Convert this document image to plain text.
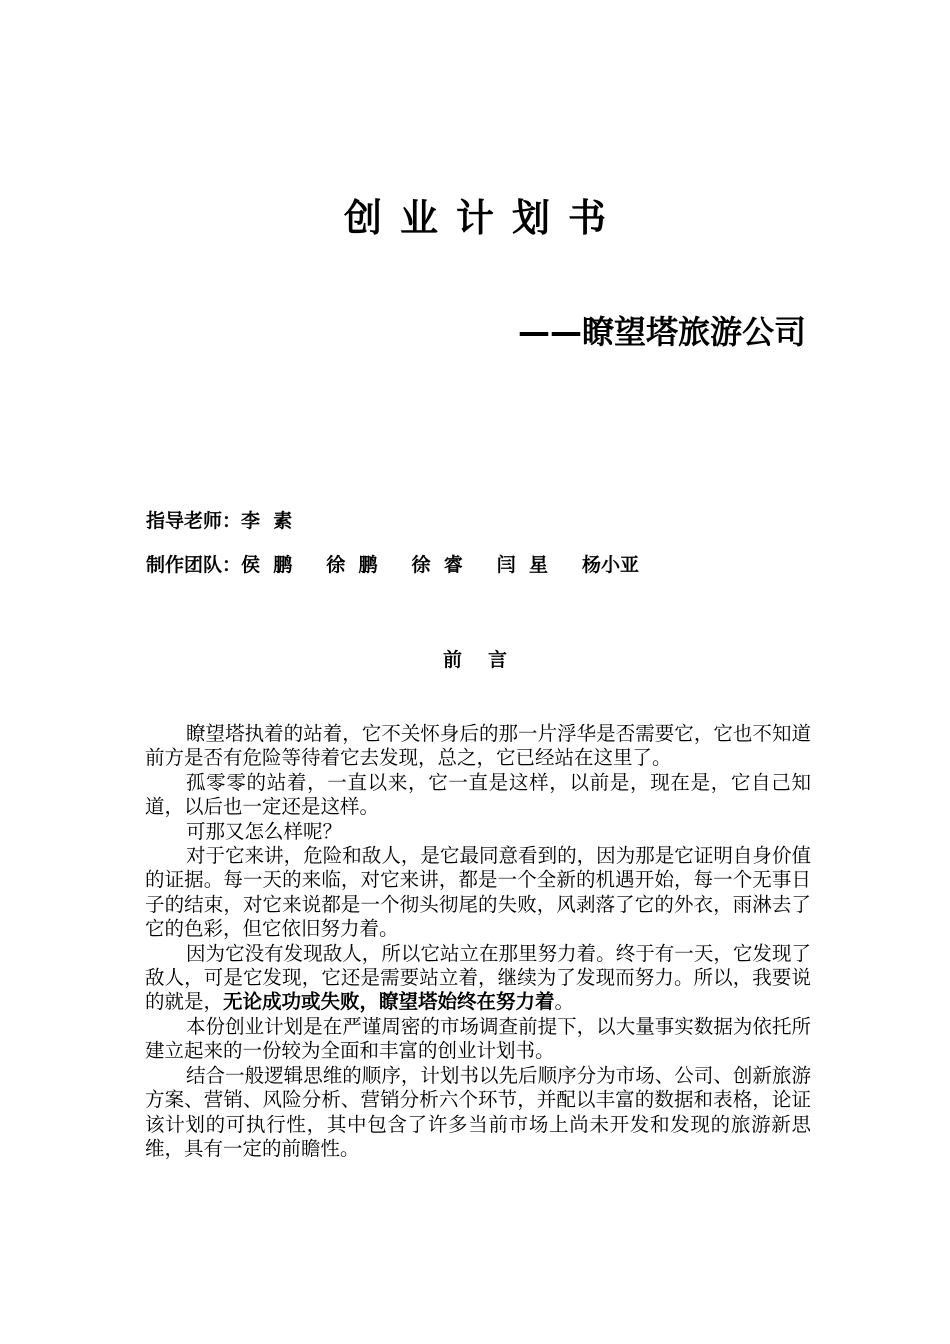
创业计划书
——瞭望塔旅游公司
指导老师：李  素
制作团队：侯  鹏 徐  鹏 徐  睿 闫  星 杨小亚
前言

瞭望塔执着的站着，它不关怀身后的那一片浮华是否需要它，它也不知道前方是否有危险等待着它去发现，总之，它已经站在这里了。

孤零零的站着，一直以来，它一直是这样，以前是，现在是，它自己知道，以后也一定还是这样。

可那又怎么样呢？

对于它来讲，危险和敌人，是它最同意看到的，因为那是它证明自身价值的证据。每一天的来临，对它来讲，都是一个全新的机遇开始，每一个无事日子的结束，对它来说都是一个彻头彻尾的失败，风剥落了它的外衣，雨淋去了它的色彩，但它依旧努力着。

因为它没有发现敌人，所以它站立在那里努力着。终于有一天，它发现了敌人，可是它发现，它还是需要站立着，继续为了发现而努力。所以，我要说的就是，无论成功或失败，瞭望塔始终在努力着。

本份创业计划是在严谨周密的市场调查前提下，以大量事实数据为依托所建立起来的一份较为全面和丰富的创业计划书。

结合一般逻辑思维的顺序，计划书以先后顺序分为市场、公司、创新旅游方案、营销、风险分析、营销分析六个环节，并配以丰富的数据和表格，论证该计划的可执行性，其中包含了许多当前市场上尚未开发和发现的旅游新思维，具有一定的前瞻性。
